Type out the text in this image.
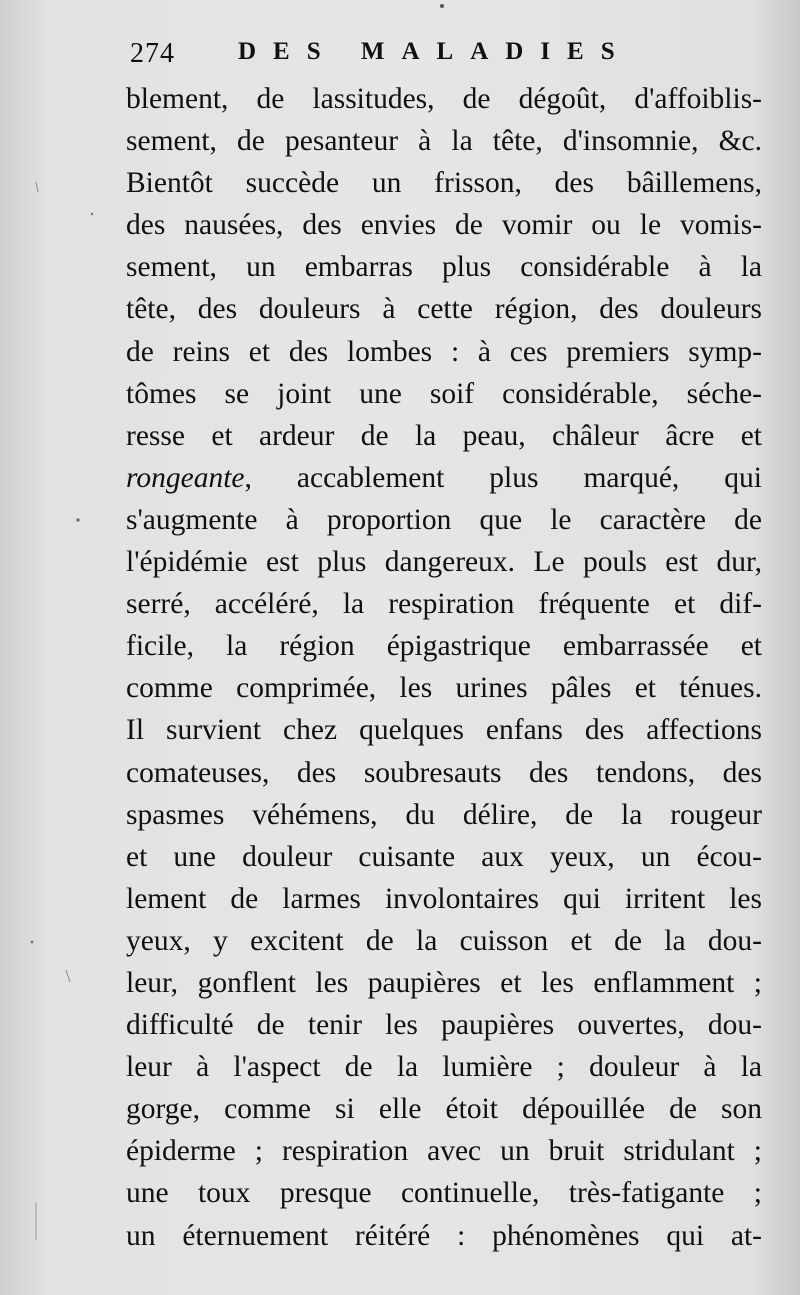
274	DES MALADIES
blement, de lassitudes, de dégoût, d'affoiblis-
sement, de pesanteur à la tête, d'insomnie, &c.
Bientôt succède un frisson, des bâillemens,
des nausées, des envies de vomir ou le vomis-
sement, un embarras plus considérable à la
tête, des douleurs à cette région, des douleurs
de reins et des lombes : à ces premiers symp-
tômes se joint une soif considérable, séche-
resse et ardeur de la peau, châleur âcre et
rongeante, accablement plus marqué, qui
s'augmente à proportion que le caractère de
l'épidémie est plus dangereux. Le pouls est dur,
serré, accéléré, la respiration fréquente et dif-
ficile, la région épigastrique embarrassée et
comme comprimée, les urines pâles et ténues.
Il survient chez quelques enfans des affections
comateuses, des soubresauts des tendons, des
spasmes véhémens, du délire, de la rougeur
et une douleur cuisante aux yeux, un écou-
lement de larmes involontaires qui irritent les
yeux, y excitent de la cuisson et de la dou-
leur, gonflent les paupières et les enflamment ;
difficulté de tenir les paupières ouvertes, dou-
leur à l'aspect de la lumière ; douleur à la
gorge, comme si elle étoit dépouillée de son
épiderme ; respiration avec un bruit stridulant ;
une toux presque continuelle, très-fatigante ;
un éternuement réitéré : phénomènes qui at-
